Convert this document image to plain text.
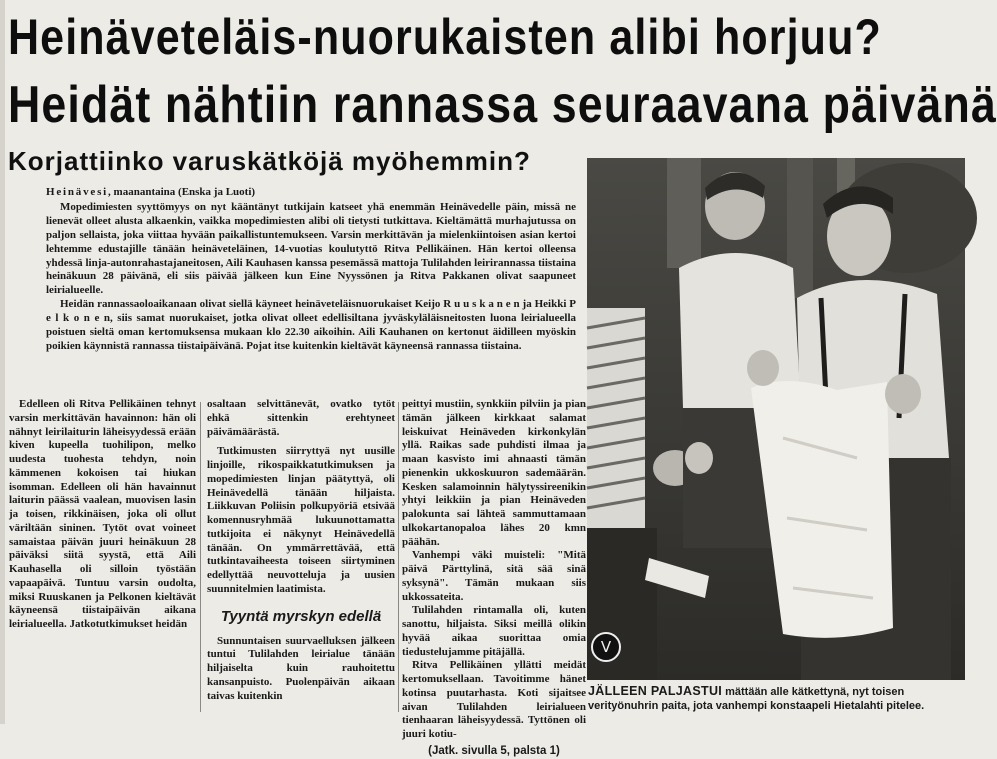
Heinäveteläis-nuorukaisten alibi horjuu?
Heidät nähtiin rannassa seuraavana päivänä
Korjattiinko varuskätköjä myöhemmin?

Heinävesi, maanantaina (Enska ja Luoti)

Mopedimiesten syyttömyys on nyt kääntänyt tutkijain katseet yhä enemmän Heinävedelle päin, missä ne lienevät olleet alusta alkaenkin, vaikka mopedimiesten alibi oli tietysti tutkittava. Kieltämättä murhajutussa on paljon sellaista, joka viittaa hyvään paikallistuntemukseen. Varsin merkittävän ja mielenkiintoisen asian kertoi lehtemme edustajille tänään heinäveteläinen, 14-vuotias koulutyttö Ritva Pellikäinen. Hän kertoi olleensa yhdessä linja-autonrahastajaneitosen, Aili Kauhasen kanssa pesemässä mattoja Tulilahden leirirannassa tiistaina heinäkuun 28 päivänä, eli siis päivää jälkeen kun Eine Nyyssönen ja Ritva Pakkanen olivat saapuneet leirialueelle.

Heidän rannassaoloaikanaan olivat siellä käyneet heinäveteläisnuorukaiset Keijo R u u s k a n e n ja Heikki P e l k o n e n, siis samat nuorukaiset, jotka olivat olleet edellisiltana jyväskyläläisneitosten luona leirialueella poistuen sieltä oman kertomuksensa mukaan klo 22.30 aikoihin. Aili Kauhanen on kertonut äidilleen myöskin poikien käynnistä rannassa tiistaipäivänä. Pojat itse kuitenkin kieltävät käyneensä rannassa tiistaina.

Edelleen oli Ritva Pellikäinen tehnyt varsin merkittävän havainnon: hän oli nähnyt leirilaiturin läheisyydessä erään kiven kupeella tuohilipon, melko uudesta tuohesta tehdyn, noin kämmenen kokoisen tai hiukan isomman. Edelleen oli hän havainnut laiturin päässä vaalean, muovisen lasin ja toisen, rikkinäisen, joka oli ollut väriltään sininen. Tytöt ovat voineet samaistaa päivän juuri heinäkuun 28 päiväksi siitä syystä, että Aili Kauhasella oli silloin työstään vapaapäivä. Tuntuu varsin oudolta, miksi Ruuskanen ja Pelkonen kieltävät käyneensä tiistaipäivän aikana leirialueella. Jatkotutkimukset heidän

osaltaan selvittänevät, ovatko tytöt ehkä sittenkin erehtyneet päivämäärästä.

Tutkimusten siirryttyä nyt uusille linjoille, rikospaikkatutkimuksen ja mopedimiesten linjan päätyttyä, oli Heinävedellä tänään hiljaista. Liikkuvan Poliisin polkupyöriä etsivää komennusryhmää lukuunottamatta tutkijoita ei näkynyt Heinävedellä tänään. On ymmärrettävää, että tutkintavaiheesta toiseen siirtyminen edellyttää neuvotteluja ja uusien suunnitelmien laatimista.

Tyyntä myrskyn edellä

Sunnuntaisen suurvaelluksen jälkeen tuntui Tulilahden leirialue tänään hiljaiselta kuin rauhoitettu kansanpuisto. Puolenpäivän aikaan taivas kuitenkin

peittyi mustiin, synkkiin pilviin ja pian tämän jälkeen kirkkaat salamat leiskuivat Heinäveden kirkonkylän yllä. Raikas sade puhdisti ilmaa ja maan kasvisto imi ahnaasti tämän pienenkin ukkoskuuron sademäärän. Kesken salamoinnin hälytyssireenikin yhtyi leikkiin ja pian Heinäveden palokunta sai lähteä sammuttamaan ulkokartanopaloa lähes 20 kmn päähän.

Vanhempi väki muisteli: "Mitä päivä Pärttylinä, sitä sää sinä syksynä". Tämän mukaan siis ukkossateita.

Tulilahden rintamalla oli, kuten sanottu, hiljaista. Siksi meillä olikin hyvää aikaa suorittaa omia tiedustelujamme pitäjällä.

Ritva Pellikäinen yllätti meidät kertomuksellaan. Tavoitimme hänet kotinsa puutarhasta. Koti sijaitsee aivan Tulilahden leirialueen tienhaaran läheisyydessä. Tyttönen oli juuri kotiu-

(Jatk. sivulla 5, palsta 1)

V

JÄLLEEN PALJASTUI mättään alle kätkettynä, nyt toisen verityönuhrin paita, jota vanhempi konstaapeli Hietalahti pitelee.
